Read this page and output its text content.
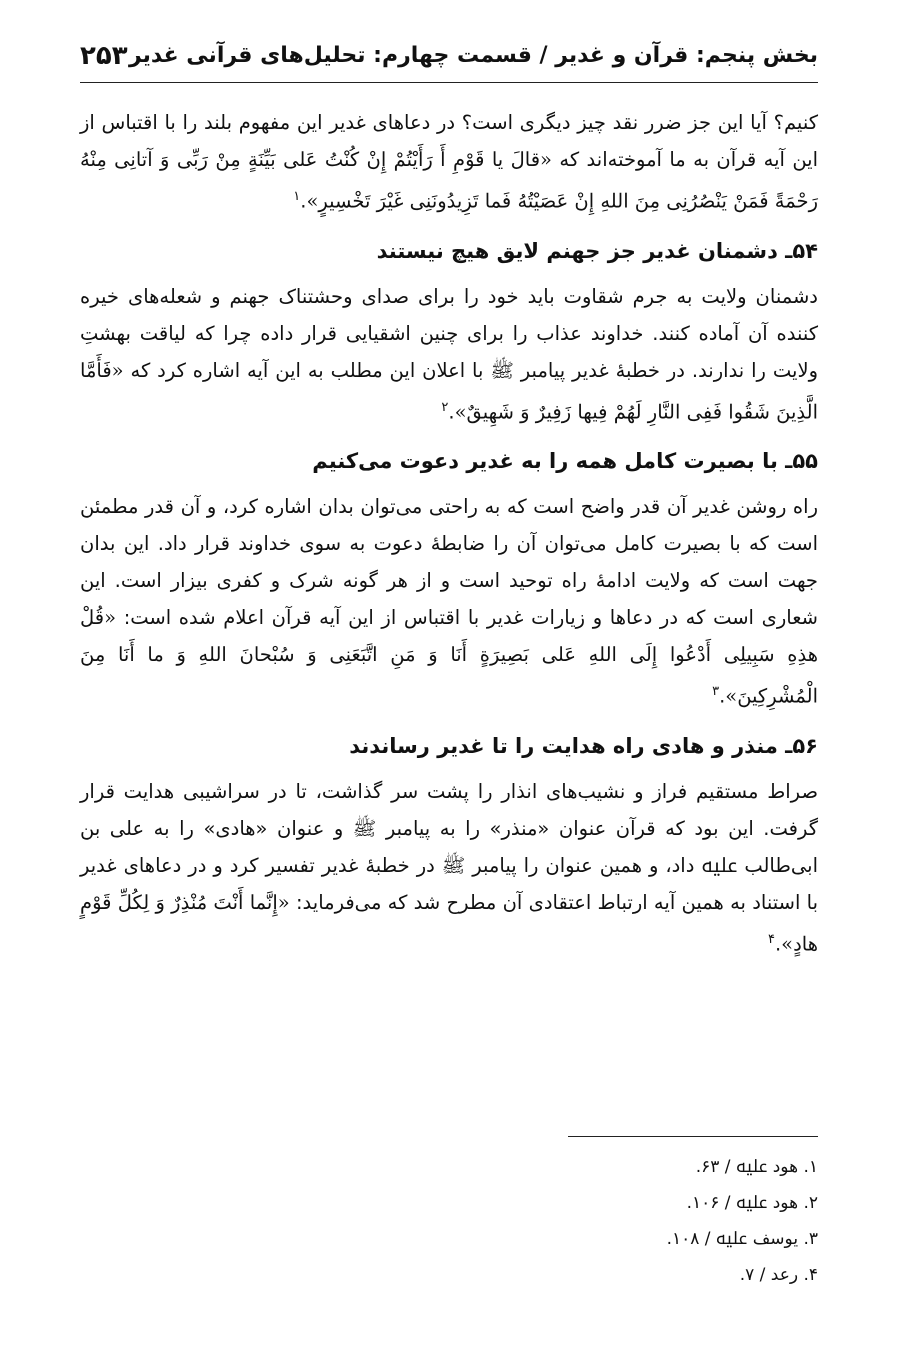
بخش پنجم: قرآن و غدیر / قسمت چهارم: تحلیل‌های قرآنی غدیر
۲۵۳

کنیم؟ آیا این جز ضرر نقد چیز دیگری است؟ در دعاهای غدیر این مفهوم بلند را با اقتباس از این آیه قرآن به ما آموخته‌اند که «قالَ یا قَوْمِ أَ رَأَیْتُمْ إِنْ کُنْتُ عَلی بَیِّنَةٍ مِنْ رَبِّی وَ آتانِی مِنْهُ رَحْمَةً فَمَنْ یَنْصُرُنِی مِنَ اللهِ إِنْ عَصَیْتُهُ فَما تَزِیدُونَنِی غَیْرَ تَخْسِیرٍ».$^۱$

۵۴ـ دشمنان غدیر جز جهنم لایق هیچ نیستند

دشمنان ولایت به جرم شقاوت باید خود را برای صدای وحشتناک جهنم و شعله‌های خیره کننده آن آماده کنند. خداوند عذاب را برای چنین اشقیایی قرار داده چرا که لیاقت بهشتِ ولایت را ندارند. در خطبهٔ غدیر پیامبر ﷺ با اعلان این مطلب به این آیه اشاره کرد که «فَأَمَّا الَّذِینَ شَقُوا فَفِی النَّارِ لَهُمْ فِیها زَفِیرٌ وَ شَهِیقٌ».$^۲$

۵۵ـ با بصیرت کامل همه را به غدیر دعوت می‌کنیم

راه روشن غدیر آن قدر واضح است که به راحتی می‌توان بدان اشاره کرد، و آن قدر مطمئن است که با بصیرت کامل می‌توان آن را ضابطهٔ دعوت به سوی خداوند قرار داد. این بدان جهت است که ولایت ادامهٔ راه توحید است و از هر گونه شرک و کفری بیزار است. این شعاری است که در دعاها و زیارات غدیر با اقتباس از این آیه قرآن اعلام شده است: «قُلْ هذِهِ سَبِیلِی أَدْعُوا إِلَی اللهِ عَلی بَصِیرَةٍ أَنَا وَ مَنِ اتَّبَعَنِی وَ سُبْحانَ اللهِ وَ ما أَنَا مِنَ الْمُشْرِکِینَ».$^۳$

۵۶ـ منذر و هادی راه هدایت را تا غدیر رساندند

صراط مستقیم فراز و نشیب‌های انذار را پشت سر گذاشت، تا در سراشیبی هدایت قرار گرفت. این بود که قرآن عنوان «منذر» را به پیامبر ﷺ و عنوان «هادی» را به علی بن ابی‌طالب ﷷ داد، و همین عنوان را پیامبر ﷺ در خطبهٔ غدیر تفسیر کرد و در دعاهای غدیر با استناد به همین آیه ارتباط اعتقادی آن مطرح شد که می‌فرماید: «إِنَّما أَنْتَ مُنْذِرٌ وَ لِکُلِّ قَوْمٍ هادٍ».$^۴$

۱. هود ﷷ / ۶۳.

۲. هود ﷷ / ۱۰۶.

۳. یوسف ﷷ / ۱۰۸.

۴. رعد / ۷.
